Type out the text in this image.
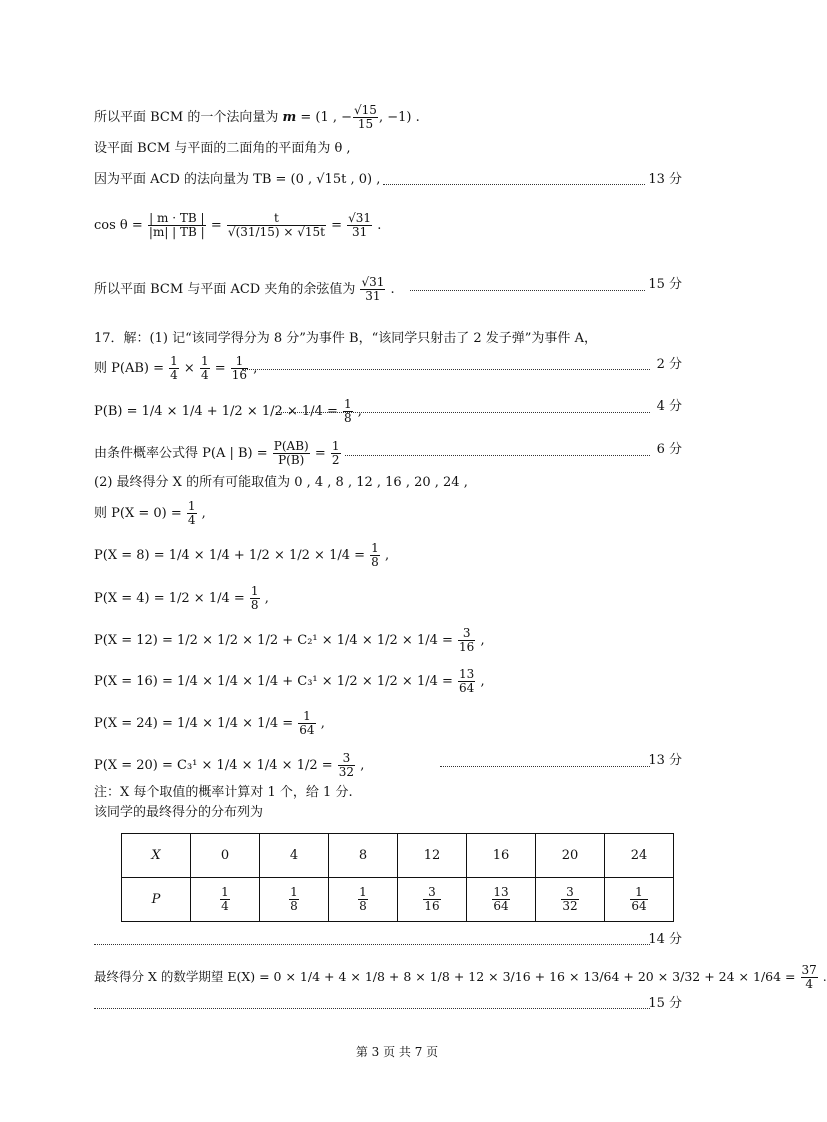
所以平面 BCM 的一个法向量为 m = (1 , − $\frac{√15}{15}$ , −1) .
设平面 BCM 与平面的二面角的平面角为 θ ,
因为平面 ACD 的法向量为 TB = (0 , √15t , 0) ,	13 分
$\cos \theta = \frac{| m \cdot TB |}{|m| | TB |} = \frac{t}{√(31/15) \times √15t} = \frac{√31}{31}$ .
所以平面 BCM 与平面 ACD 夹角的余弦值为 $\frac{√31}{31}$ .	15 分
17．解：(1) 记“该同学得分为 8 分”为事件 B，“该同学只射击了 2 发子弹”为事件 A，
则 $P(AB) = \frac{1}{4} \times \frac{1}{4} = \frac{1}{16}$ ,	2 分
$P(B) = 1/4 \times 1/4 + 1/2 \times 1/2 \times 1/4 = \frac{1}{8}$ ,	4 分
由条件概率公式得 P(A | $B) = \frac{P(AB)}{P(B)} = \frac{1}{2}$	6 分
(2) 最终得分 X 的所有可能取值为 0 , 4 , 8 , 12 , 16 , 20 , 24 ,
则 $P(X = 0) = \frac{1}{4}$ ,
$P(X = 8) = 1/4 \times 1/4 + 1/2 \times 1/2 \times 1/4 = \frac{1}{8}$ ,
$P(X = 4) = 1/2 \times 1/4 = \frac{1}{8}$ ,
$P(X = 12) = 1/2 \times 1/2 \times 1/2 + C_2^1 \times 1/4 \times 1/2 \times 1/4 = \frac{3}{16}$ ,
$P(X = 16) = 1/4 \times 1/4 \times 1/4 + C_3^1 \times 1/2 \times 1/2 \times 1/4 = \frac{13}{64}$ ,
$P(X = 24) = 1/4 \times 1/4 \times 1/4 = \frac{1}{64}$ ,
$P(X = 20) = C_3^1 \times 1/4 \times 1/4 \times 1/2 = \frac{3}{32}$ ,	13 分
注：X 每个取值的概率计算对 1 个，给 1 分.
该同学的最终得分的分布列为
X	0	4	8	12	16	20	24
P	$\frac{1}{4}$	$\frac{1}{8}$	$\frac{1}{8}$	$\frac{3}{16}$	$\frac{13}{64}$	$\frac{3}{32}$	$\frac{1}{64}$
14 分
最终得分 X 的数学期望 $E(X) = 0 \times 1/4 + 4 \times 1/8 + 8 \times 1/8 + 12 \times 3/16 + 16 \times 13/64 + 20 \times 3/32 + 24 \times 1/64 = \frac{37}{4}$ .
15 分
第 3 页 共 7 页
